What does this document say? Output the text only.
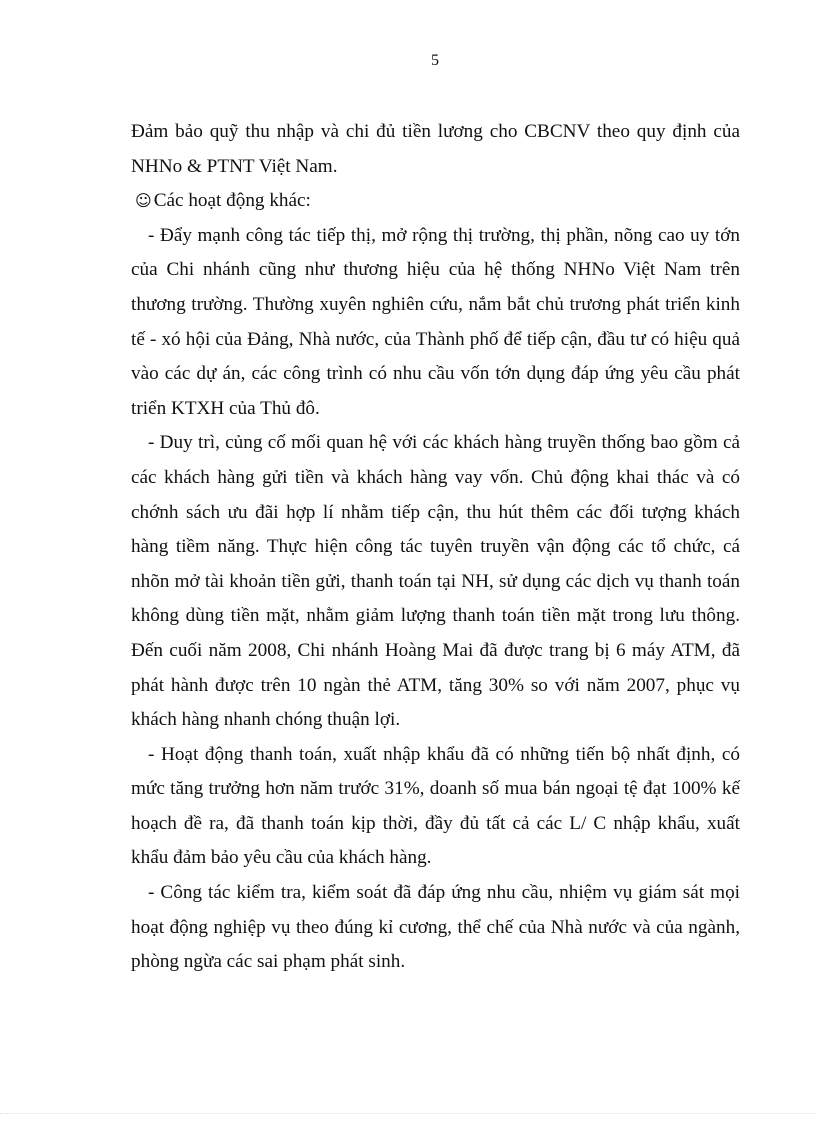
5

Đảm bảo quỹ thu nhập và chi đủ tiền lương cho CBCNV theo quy định của NHNo & PTNT Việt Nam.

☺ Các hoạt động khác:

- Đẩy mạnh công tác tiếp thị, mở rộng thị trường, thị phần, nõng cao uy tớn của Chi nhánh cũng như thương hiệu của hệ thống NHNo Việt Nam trên thương trường. Thường xuyên nghiên cứu, nắm bắt chủ trương phát triển kinh tế - xó hội của Đảng, Nhà nước, của Thành phố để tiếp cận, đầu tư có hiệu quả vào các dự án, các công trình có nhu cầu vốn tớn dụng đáp ứng yêu cầu phát triển KTXH của Thủ đô.

- Duy trì, củng cố mối quan hệ với các khách hàng truyền thống bao gồm cả các khách hàng gửi tiền và khách hàng vay vốn. Chủ động khai thác và có chớnh sách ưu đãi hợp lí nhằm tiếp cận, thu hút thêm các đối tượng khách hàng tiềm năng. Thực hiện công tác tuyên truyền vận động các tổ chức, cá nhõn mở tài khoản tiền gửi, thanh toán tại NH, sử dụng các dịch vụ thanh toán không dùng tiền mặt, nhằm giảm lượng thanh toán tiền mặt trong lưu thông. Đến cuối năm 2008, Chi nhánh Hoàng Mai đã được trang bị 6 máy ATM, đã phát hành được trên 10 ngàn thẻ ATM, tăng 30% so với năm 2007, phục vụ khách hàng nhanh chóng thuận lợi.

- Hoạt động thanh toán, xuất nhập khẩu đã có những tiến bộ nhất định, có mức tăng trưởng hơn năm trước 31%, doanh số mua bán ngoại tệ đạt 100% kế hoạch đề ra, đã thanh toán kịp thời, đầy đủ tất cả các L/ C nhập khẩu, xuất khẩu đảm bảo yêu cầu của khách hàng.

- Công tác kiểm tra, kiểm soát đã đáp ứng nhu cầu, nhiệm vụ giám sát mọi hoạt động nghiệp vụ theo đúng kỉ cương, thể chế của Nhà nước và của ngành, phòng ngừa các sai phạm phát sinh.
